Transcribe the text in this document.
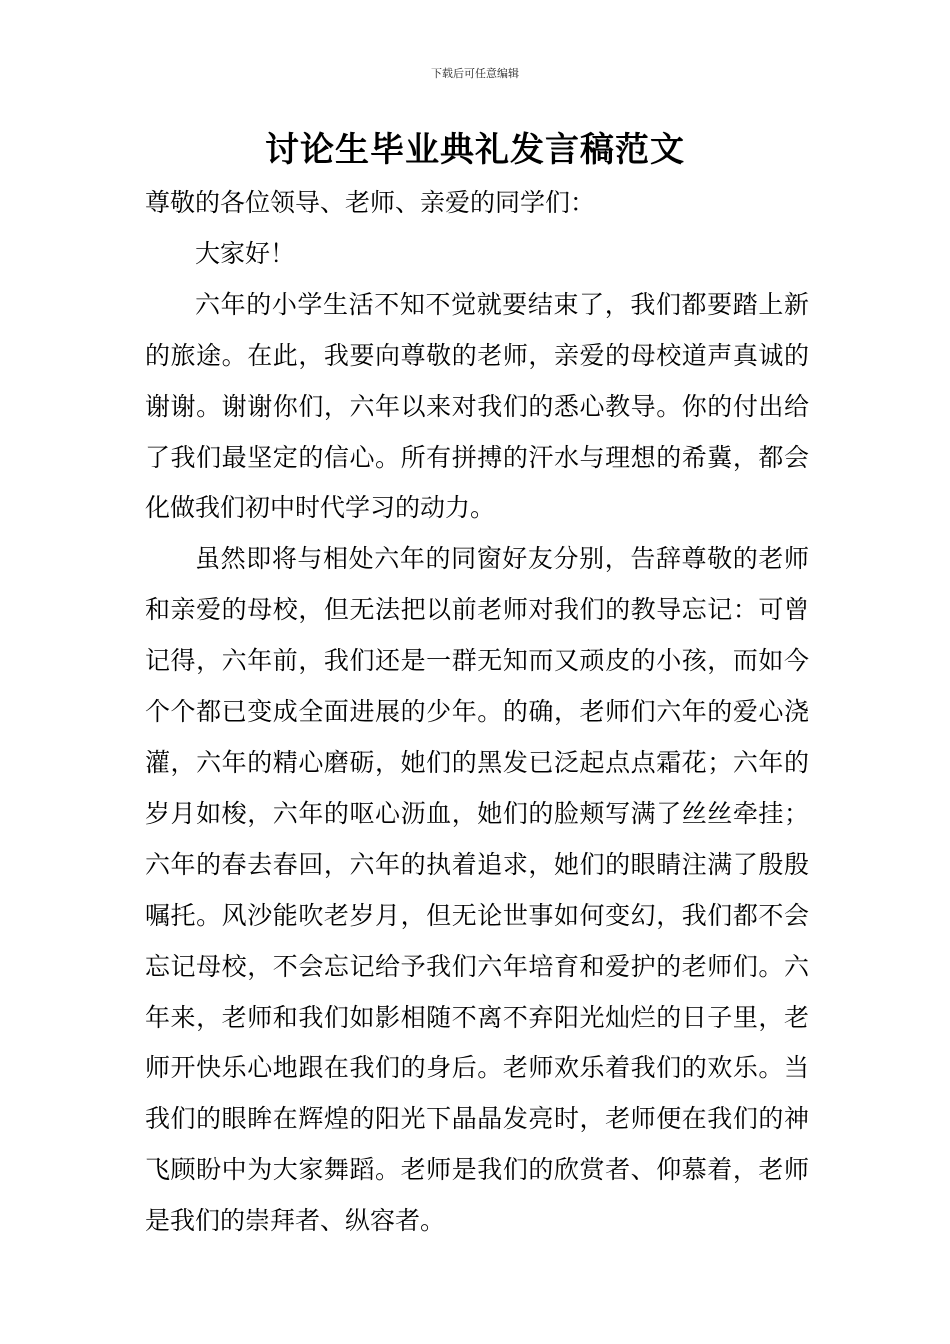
下载后可任意编辑
讨论生毕业典礼发言稿范文

尊敬的各位领导、老师、亲爱的同学们：

大家好！

六年的小学生活不知不觉就要结束了，我们都要踏上新的旅途。在此，我要向尊敬的老师，亲爱的母校道声真诚的谢谢。谢谢你们，六年以来对我们的悉心教导。你的付出给了我们最坚定的信心。所有拼搏的汗水与理想的希冀，都会化做我们初中时代学习的动力。

虽然即将与相处六年的同窗好友分别，告辞尊敬的老师和亲爱的母校，但无法把以前老师对我们的教导忘记：可曾记得，六年前，我们还是一群无知而又顽皮的小孩，而如今个个都已变成全面进展的少年。的确，老师们六年的爱心浇灌，六年的精心磨砺，她们的黑发已泛起点点霜花；六年的岁月如梭，六年的呕心沥血，她们的脸颊写满了丝丝牵挂；六年的春去春回，六年的执着追求，她们的眼睛注满了殷殷嘱托。风沙能吹老岁月，但无论世事如何变幻，我们都不会忘记母校，不会忘记给予我们六年培育和爱护的老师们。六年来，老师和我们如影相随不离不弃阳光灿烂的日子里，老师开快乐心地跟在我们的身后。老师欢乐着我们的欢乐。当我们的眼眸在辉煌的阳光下晶晶发亮时，老师便在我们的神飞顾盼中为大家舞蹈。老师是我们的欣赏者、仰慕着，老师是我们的崇拜者、纵容者。
